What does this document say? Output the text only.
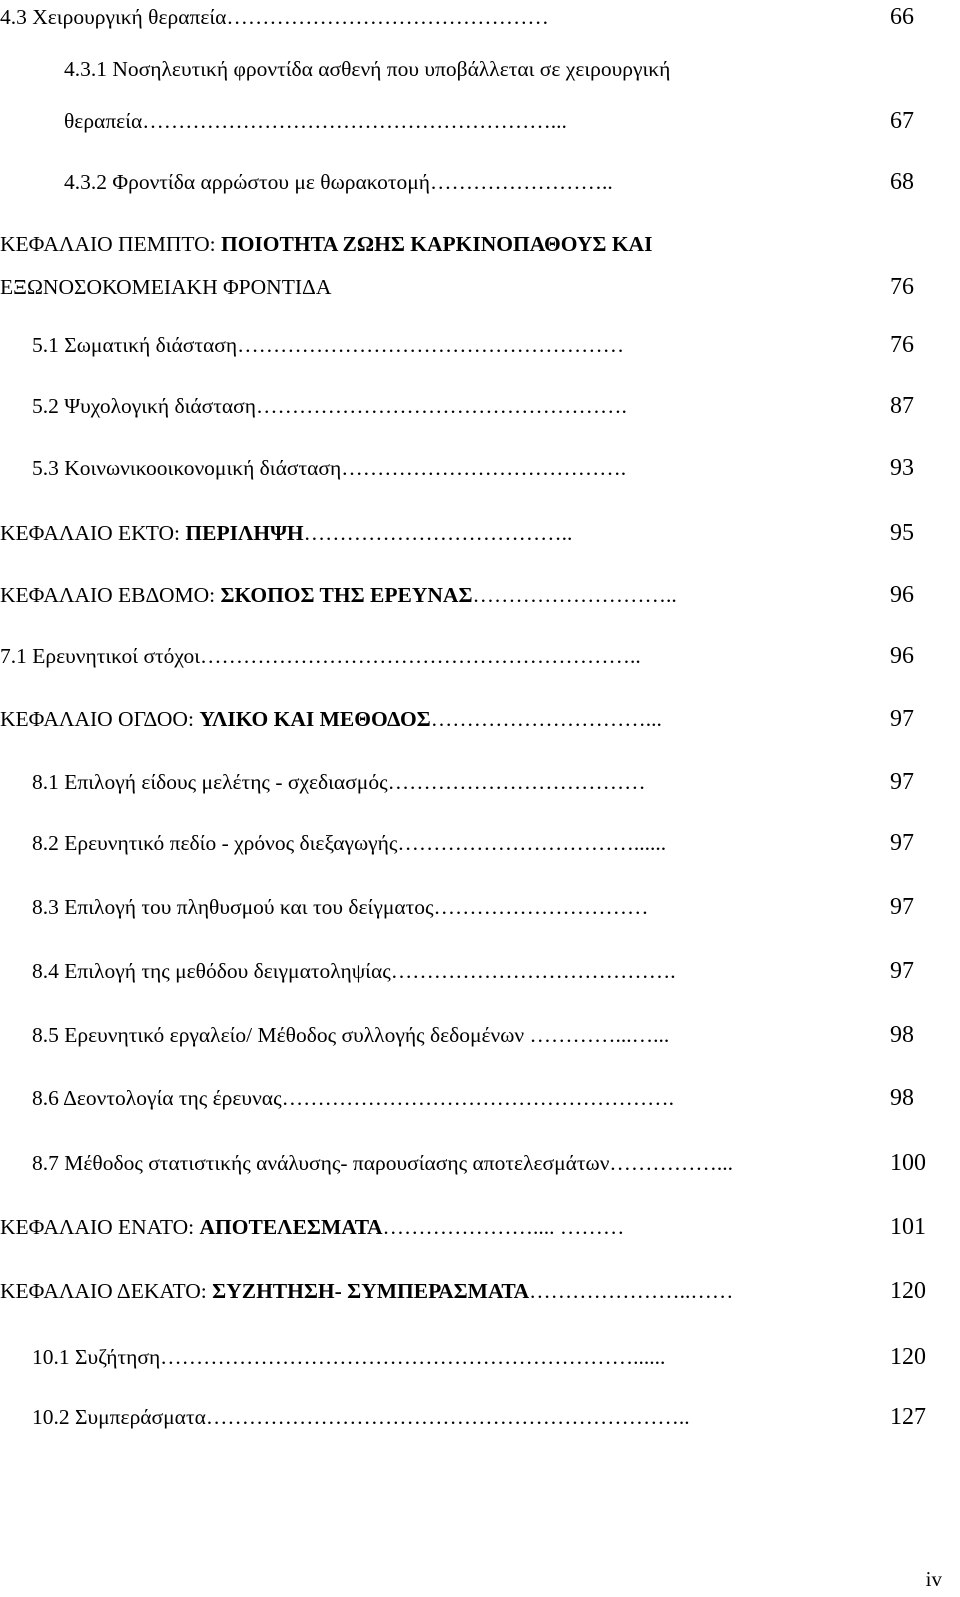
4.3 Χειρουργική θεραπεία………………………………………	66
4.3.1 Νοσηλευτική φροντίδα ασθενή που υποβάλλεται σε χειρουργική
θεραπεία…………………………………………………...	67
4.3.2 Φροντίδα αρρώστου με θωρακοτομή……………………..	68
ΚΕΦΑΛΑΙΟ ΠΕΜΠΤΟ: ΠΟΙΟΤΗΤΑ ΖΩΗΣ ΚΑΡΚΙΝΟΠΑΘΟΥΣ ΚΑΙ
ΕΞΩΝΟΣΟΚΟΜΕΙΑΚΗ ΦΡΟΝΤΙΔΑ	76
5.1 Σωματική διάσταση………………………………………………	76
5.2 Ψυχολογική διάσταση…………………………………………….	87
5.3 Κοινωνικοοικονομική διάσταση………………………………….	93
ΚΕΦΑΛΑΙΟ ΕΚΤΟ: ΠΕΡΙΛΗΨΗ………………………………..	95
ΚΕΦΑΛΑΙΟ ΕΒΔΟΜΟ: ΣΚΟΠΟΣ ΤΗΣ ΕΡΕΥΝΑΣ………………………..	96
7.1 Ερευνητικοί στόχοι……………………………………………………..	96
ΚΕΦΑΛΑΙΟ ΟΓΔΟΟ: ΥΛΙΚΟ ΚΑΙ ΜΕΘΟΔΟΣ…………………………...	97
8.1 Επιλογή είδους μελέτης - σχεδιασμός………………………………	97
8.2 Ερευνητικό πεδίο - χρόνος διεξαγωγής……………………………......	97
8.3 Επιλογή του πληθυσμού και του δείγματος…………………………	97
8.4 Επιλογή της μεθόδου δειγματοληψίας………………………………….	97
8.5 Ερευνητικό εργαλείο/ Μέθοδος συλλογής δεδομένων …………...…...	98
8.6 Δεοντολογία της έρευνας……………………………………………….	98
8.7 Μέθοδος στατιστικής ανάλυσης- παρουσίασης αποτελεσμάτων……………...	100
ΚΕΦΑΛΑΙΟ ΕΝΑΤΟ: ΑΠΟΤΕΛΕΣΜΑΤΑ………………….... ………	101
ΚΕΦΑΛΑΙΟ ΔΕΚΑΤΟ: ΣΥΖΗΤΗΣΗ- ΣΥΜΠΕΡΑΣΜΑΤΑ…………………..……	120
10.1 Συζήτηση…………………………………………………………......	120
10.2 Συμπεράσματα…………………………………………………………..	127
iv
